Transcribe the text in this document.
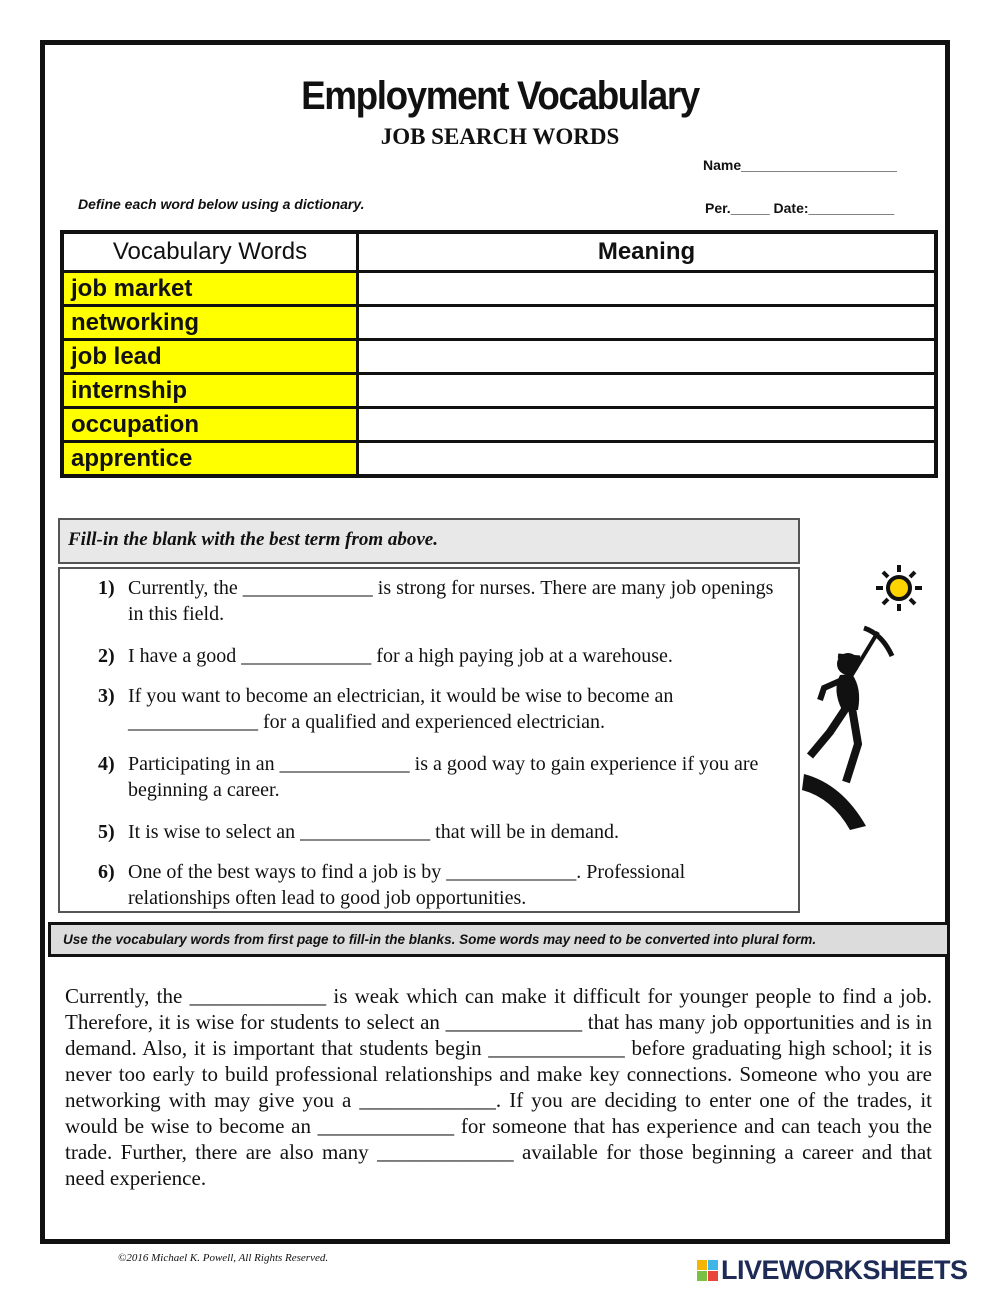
Employment Vocabulary
JOB SEARCH WORDS
Name____________________
Define each word below using a dictionary.	Per._____ Date:___________
Vocabulary Words	Meaning
job market	
networking	
job lead	
internship	
occupation	
apprentice	
Fill-in the blank with the best term from above.
1) Currently, the _____________ is strong for nurses. There are many job openings in this field.
2) I have a good _____________ for a high paying job at a warehouse.
3) If you want to become an electrician, it would be wise to become an _____________ for a qualified and experienced electrician.
4) Participating in an _____________ is a good way to gain experience if you are beginning a career.
5) It is wise to select an _____________ that will be in demand.
6) One of the best ways to find a job is by _____________. Professional relationships often lead to good job opportunities.
Use the vocabulary words from first page to fill-in the blanks. Some words may need to be converted into plural form.
Currently, the _____________ is weak which can make it difficult for younger people to find a job. Therefore, it is wise for students to select an _____________ that has many job opportunities and is in demand. Also, it is important that students begin _____________ before graduating high school; it is never too early to build professional relationships and make key connections. Someone who you are networking with may give you a _____________. If you are deciding to enter one of the trades, it would be wise to become an _____________ for someone that has experience and can teach you the trade. Further, there are also many _____________ available for those beginning a career and that need experience.
©2016 Michael K. Powell, All Rights Reserved.	LIVEWORKSHEETS
